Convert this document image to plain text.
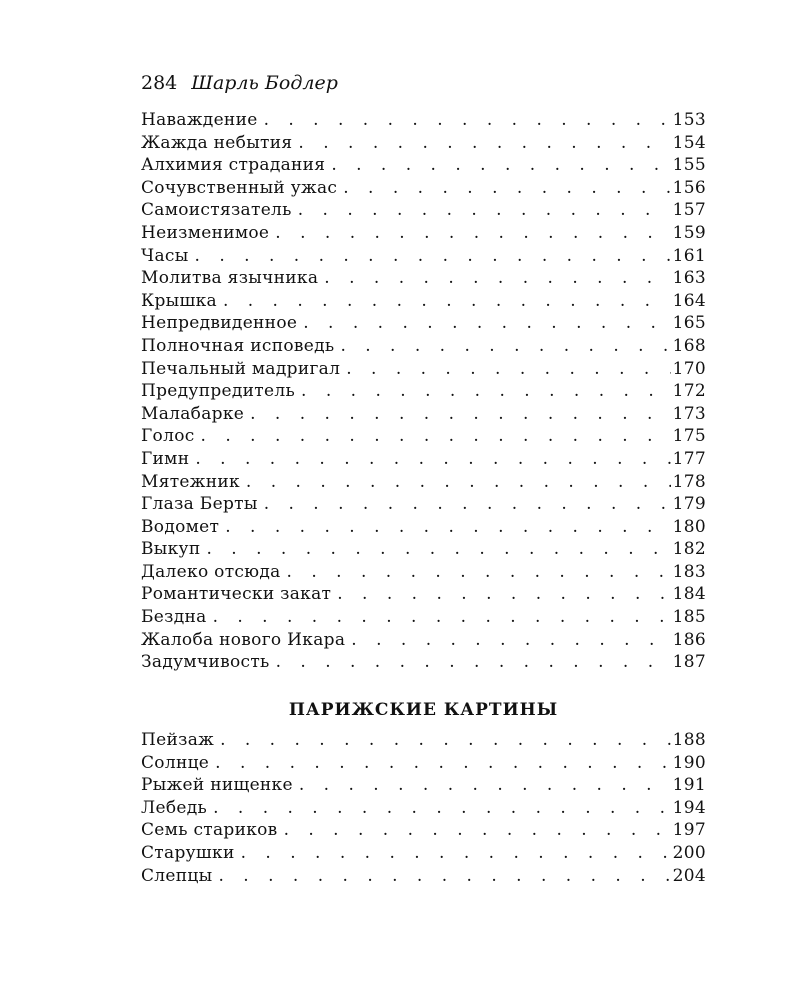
284 Шарль Бодлер
Наваждение . . .	153
Жажда небытия . . .	154
Алхимия страдания . . .	155
Сочувственный ужас . . .	156
Самоистязатель . . .	157
Неизменимое . . .	159
Часы . . .	161
Молитва язычника . . .	163
Крышка . . .	164
Непредвиденное . . .	165
Полночная исповедь . . .	168
Печальный мадригал . . .	170
Предупредитель . . .	172
Малабарке . . .	173
Голос . . .	175
Гимн . . .	177
Мятежник . . .	178
Глаза Берты . . .	179
Водомет . . .	180
Выкуп . . .	182
Далеко отсюда . . .	183
Романтически закат . . .	184
Бездна . . .	185
Жалоба нового Икара . . .	186
Задумчивость . . .	187
ПАРИЖСКИЕ КАРТИНЫ
Пейзаж . . .	188
Солнце . . .	190
Рыжей нищенке . . .	191
Лебедь . . .	194
Семь стариков . . .	197
Старушки . . .	200
Слепцы . . .	204
